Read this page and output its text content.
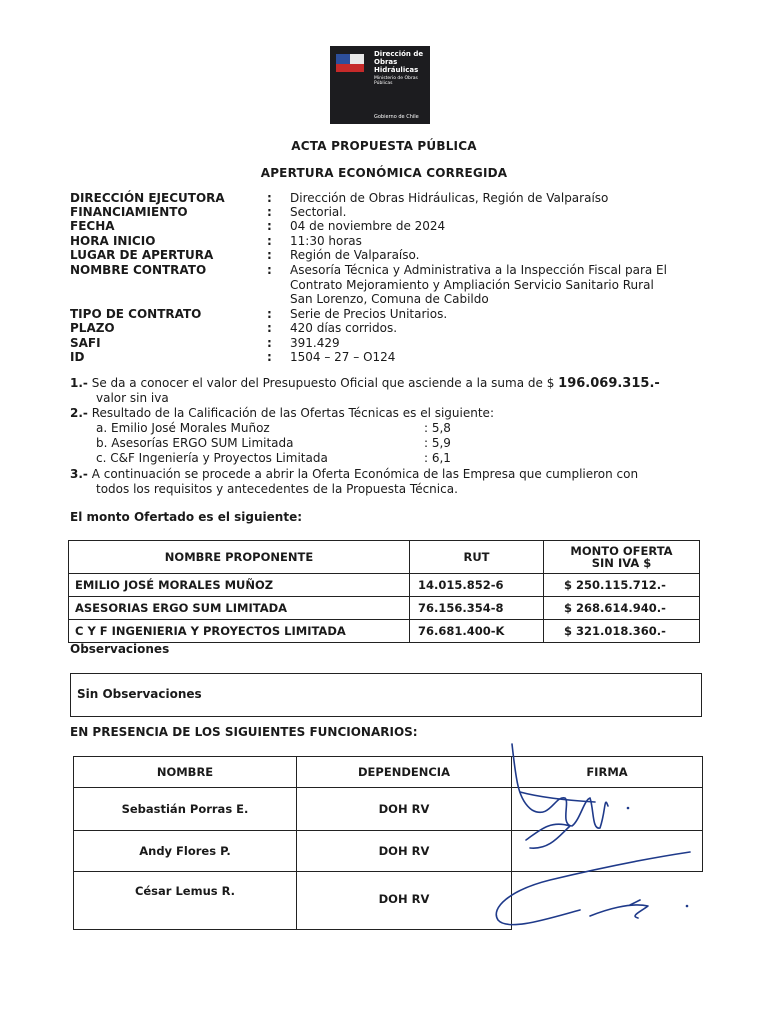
Dirección de
Obras
Hidráulicas
Ministerio de Obras Públicas
Gobierno de Chile
ACTA PROPUESTA PÚBLICA
APERTURA ECONÓMICA CORREGIDA
DIRECCIÓN EJECUTORA	: Dirección de Obras Hidráulicas, Región de Valparaíso
FINANCIAMIENTO	: Sectorial.
FECHA	: 04 de noviembre de 2024
HORA INICIO	: 11:30 horas
LUGAR DE APERTURA	: Región de Valparaíso.
NOMBRE CONTRATO	: Asesoría Técnica y Administrativa a la Inspección Fiscal para El
Contrato Mejoramiento y Ampliación Servicio Sanitario Rural
San Lorenzo, Comuna de Cabildo
TIPO DE CONTRATO	: Serie de Precios Unitarios.
PLAZO	: 420 días corridos.
SAFI	: 391.429
ID	: 1504 – 27 – O124
1.- Se da a conocer el valor del Presupuesto Oficial que asciende a la suma de $ 196.069.315.-
valor sin iva
2.- Resultado de la Calificación de las Ofertas Técnicas es el siguiente:
a. Emilio José Morales Muñoz	: 5,8
b. Asesorías ERGO SUM Limitada	: 5,9
c. C&F Ingeniería y Proyectos Limitada	: 6,1
3.- A continuación se procede a abrir la Oferta Económica de las Empresa que cumplieron con
todos los requisitos y antecedentes de la Propuesta Técnica.
El monto Ofertado es el siguiente:
NOMBRE PROPONENTE	RUT	MONTO OFERTA
SIN IVA $

EMILIO JOSÉ MORALES MUÑOZ	14.015.852-6	$ 250.115.712.-
ASESORIAS ERGO SUM LIMITADA	76.156.354-8	$ 268.614.940.-
C Y F INGENIERIA Y PROYECTOS LIMITADA	76.681.400-K	$ 321.018.360.-
Observaciones
Sin Observaciones
EN PRESENCIA DE LOS SIGUIENTES FUNCIONARIOS:
NOMBRE	DEPENDENCIA	FIRMA
Sebastián Porras E.	DOH RV	
Andy Flores P.	DOH RV	
César Lemus R.	DOH RV	
